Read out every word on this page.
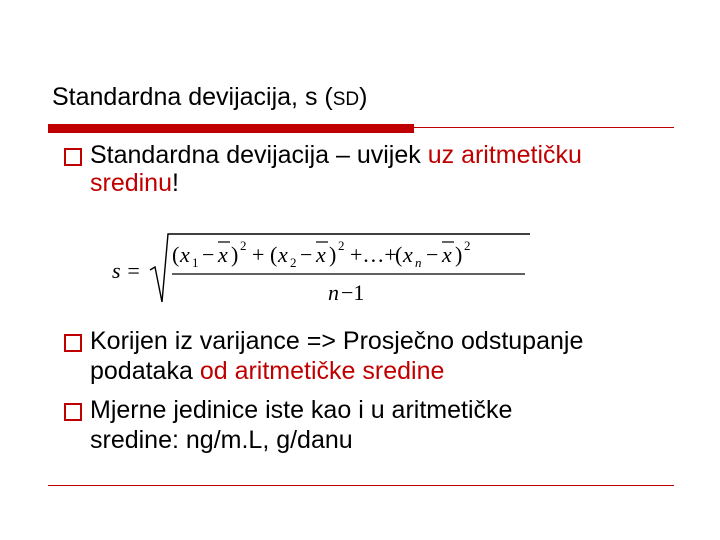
Standardna devijacija, s (SD)
Standardna devijacija – uvijek uz aritmetičku
sredinu!
s =
( x 1 − x ) 2 + ( x 2 − x ) 2 +…+
( x n − x ) 2
n −1
Korijen iz varijance => Prosječno odstupanje
podataka od aritmetičke sredine
Mjerne jedinice iste kao i u aritmetičke
sredine: ng/m.L, g/danu
